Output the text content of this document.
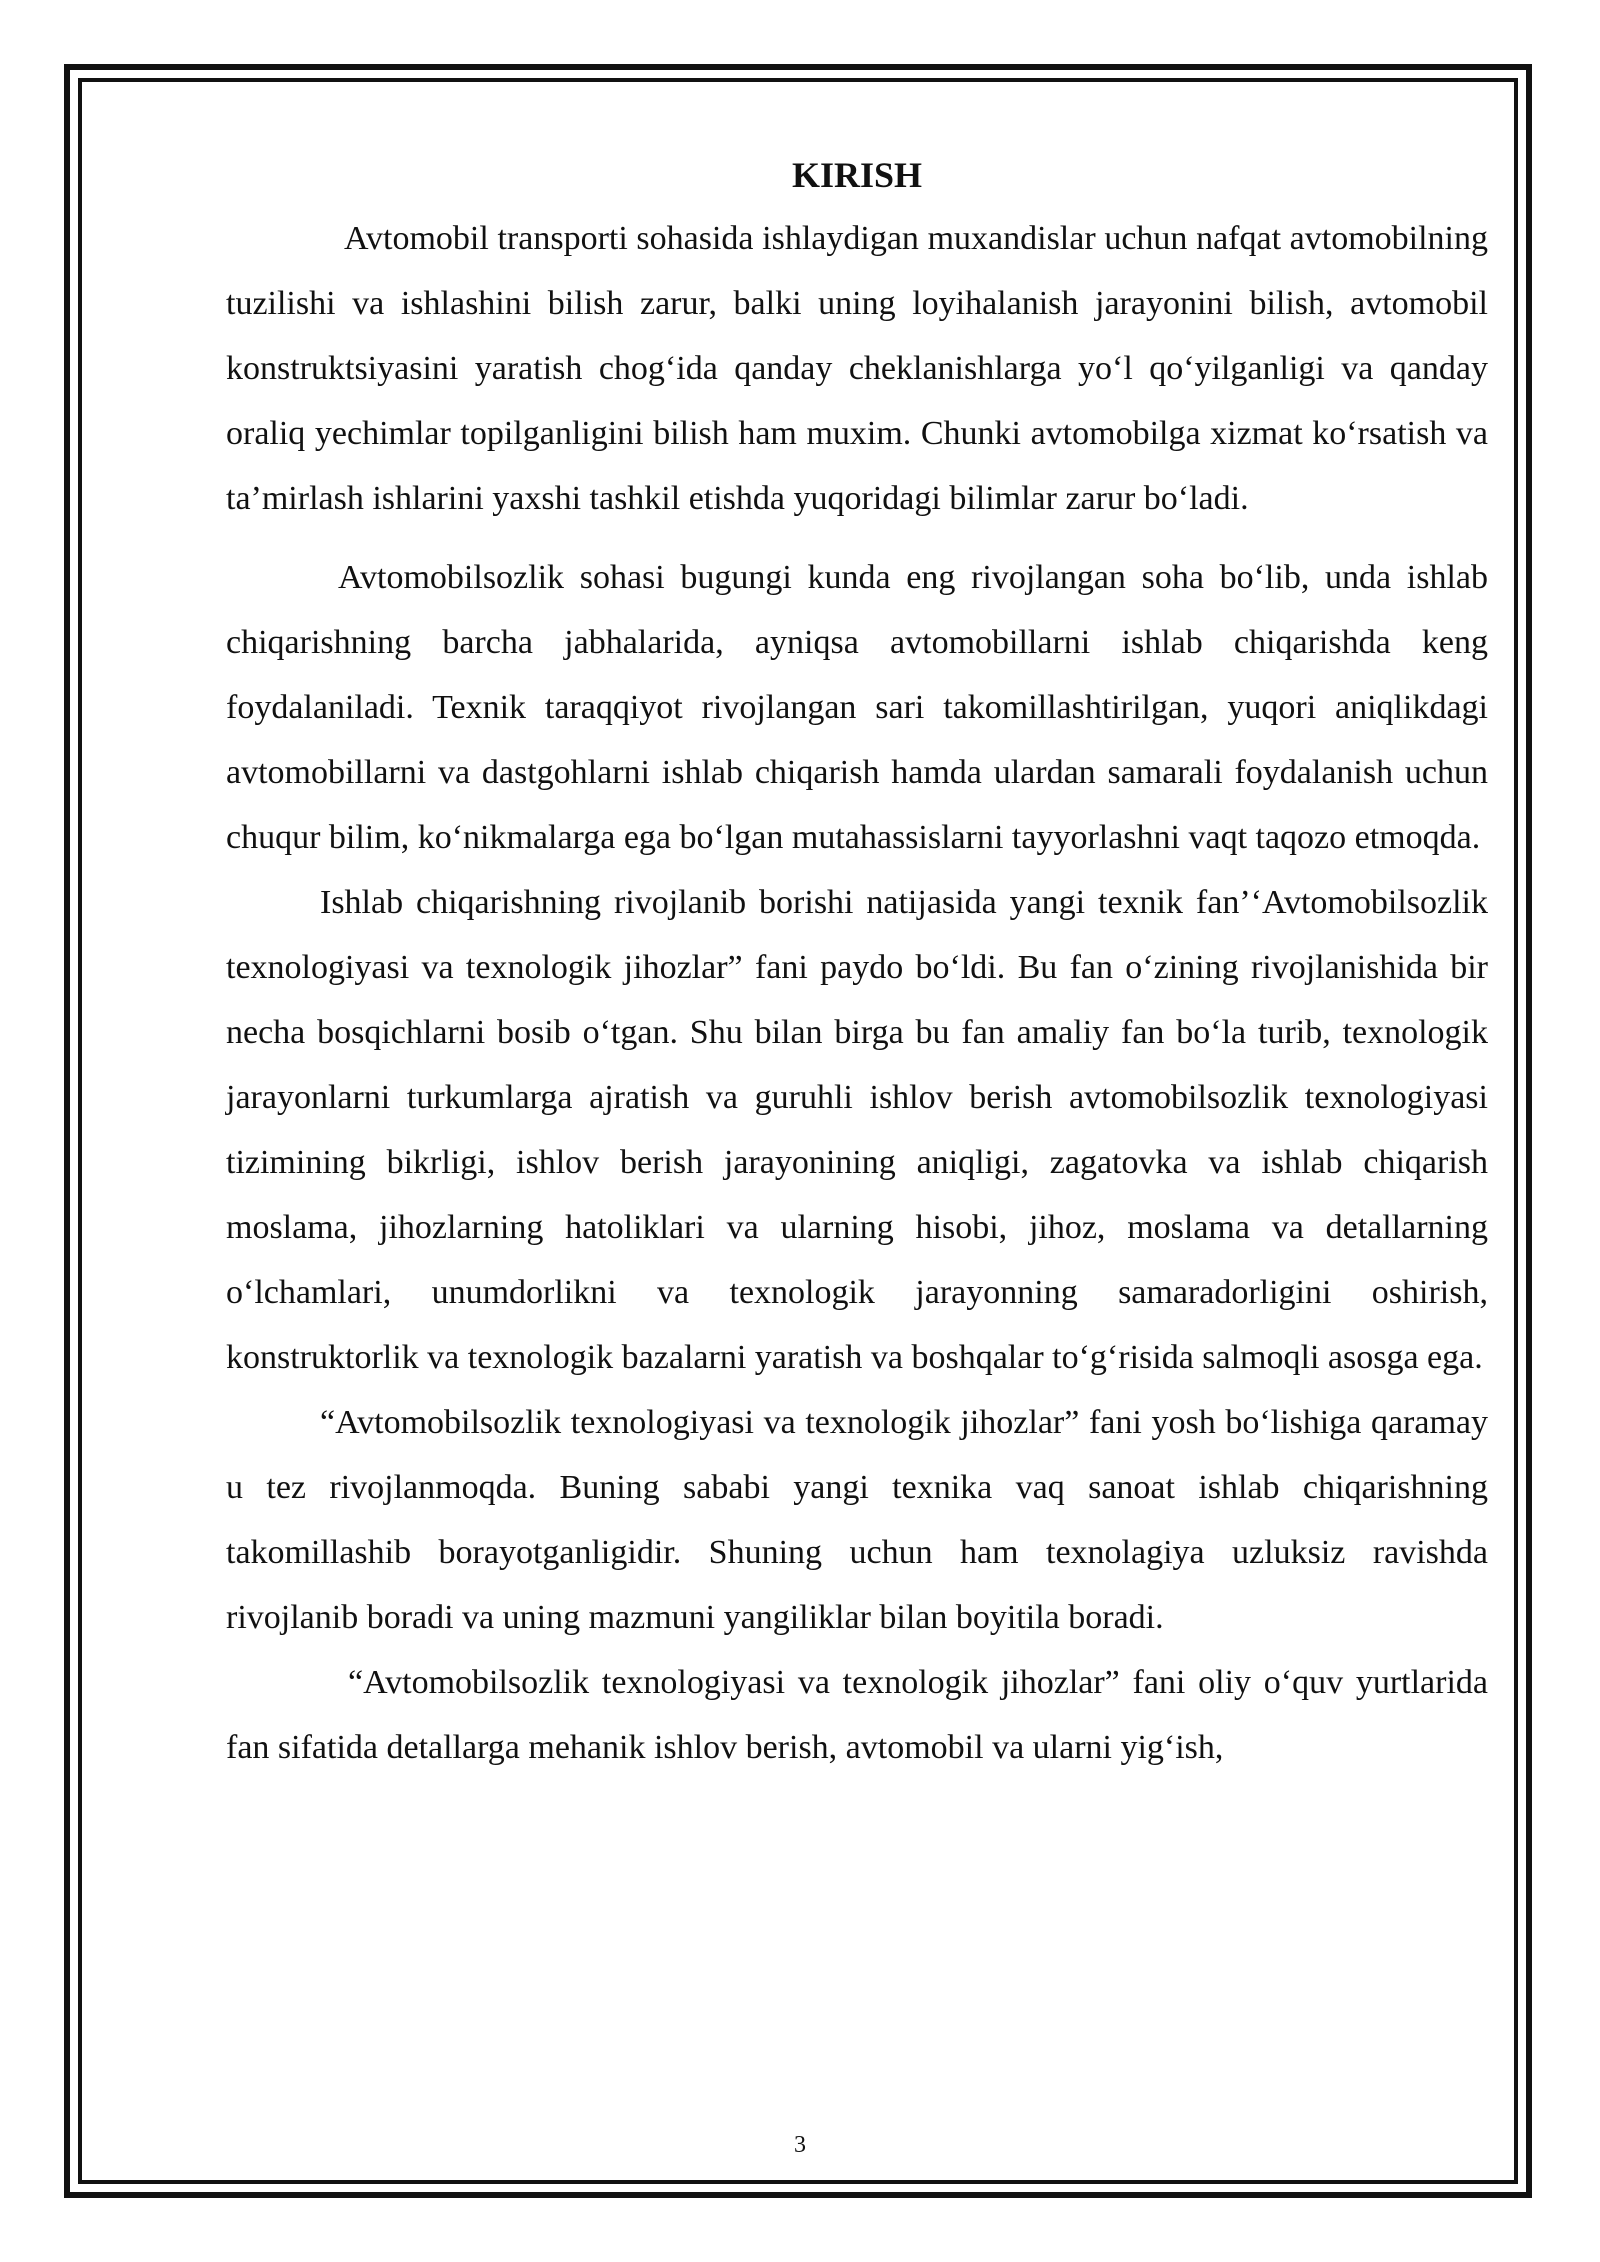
KIRISH

Avtomobil transporti sohasida ishlaydigan muxandislar uchun nafqat avtomobilning tuzilishi va ishlashini bilish zarur, balki uning loyihalanish jarayonini bilish, avtomobil konstruktsiyasini yaratish chog‘ida qanday cheklanishlarga yo‘l qo‘yilganligi va qanday oraliq yechimlar topilganligini bilish ham muxim. Chunki avtomobilga xizmat ko‘rsatish va ta’mirlash ishlarini yaxshi tashkil etishda yuqoridagi bilimlar zarur bo‘ladi.

Avtomobilsozlik sohasi bugungi kunda eng rivojlangan soha bo‘lib, unda ishlab chiqarishning barcha jabhalarida, ayniqsa avtomobillarni ishlab chiqarishda keng foydalaniladi. Texnik taraqqiyot rivojlangan sari takomillashtirilgan, yuqori aniqlikdagi avtomobillarni va dastgohlarni ishlab chiqarish hamda ulardan samarali foydalanish uchun chuqur bilim, ko‘nikmalarga ega bo‘lgan mutahassislarni tayyorlashni vaqt taqozo etmoqda.

Ishlab chiqarishning rivojlanib borishi natijasida yangi texnik fan’‘Avtomobilsozlik texnologiyasi va texnologik jihozlar” fani paydo bo‘ldi. Bu fan o‘zining rivojlanishida bir necha bosqichlarni bosib o‘tgan. Shu bilan birga bu fan amaliy fan bo‘la turib, texnologik jarayonlarni turkumlarga ajratish va guruhli ishlov berish avtomobilsozlik texnologiyasi tizimining bikrligi, ishlov berish jarayonining aniqligi, zagatovka va ishlab chiqarish moslama, jihozlarning hatoliklari va ularning hisobi, jihoz, moslama va detallarning o‘lchamlari, unumdorlikni va texnologik jarayonning samaradorligini oshirish, konstruktorlik va texnologik bazalarni yaratish va boshqalar to‘g‘risida salmoqli asosga ega.

“Avtomobilsozlik texnologiyasi va texnologik jihozlar” fani yosh bo‘lishiga qaramay u tez rivojlanmoqda. Buning sababi yangi texnika vaq sanoat ishlab chiqarishning takomillashib borayotganligidir. Shuning uchun ham texnolagiya uzluksiz ravishda rivojlanib boradi va uning mazmuni yangiliklar bilan boyitila boradi.

“Avtomobilsozlik texnologiyasi va texnologik jihozlar” fani oliy o‘quv yurtlarida fan sifatida detallarga mehanik ishlov berish, avtomobil va ularni yig‘ish,

3
